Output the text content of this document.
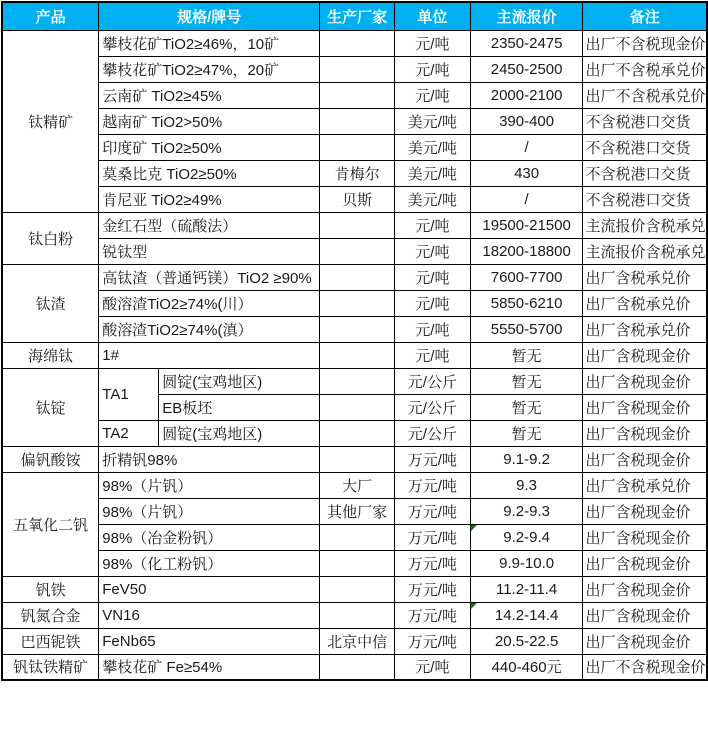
产品	规格/牌号		生产厂家	单位	主流报价	备注
钛精矿	攀枝花矿TiO2≥46%，10矿			元/吨	2350-2475	出厂不含税现金价
	攀枝花矿TiO2≥47%，20矿			元/吨	2450-2500	出厂不含税承兑价
	云南矿 TiO2≥45%			元/吨	2000-2100	出厂不含税承兑价
	越南矿 TiO2>50%			美元/吨	390-400	不含税港口交货
	印度矿 TiO2≥50%			美元/吨	/	不含税港口交货
	莫桑比克 TiO2≥50%		肯梅尔	美元/吨	430	不含税港口交货
	肯尼亚 TiO2≥49%		贝斯	美元/吨	/	不含税港口交货
钛白粉	金红石型（硫酸法）			元/吨	19500-21500	主流报价含税承兑
	锐钛型			元/吨	18200-18800	主流报价含税承兑
钛渣	高钛渣（普通钙镁）TiO2 ≥90%			元/吨	7600-7700	出厂含税承兑价
	酸溶渣TiO2≥74%(川）			元/吨	5850-6210	出厂含税承兑价
	酸溶渣TiO2≥74%(滇）			元/吨	5550-5700	出厂含税承兑价
海绵钛	1#			元/吨	暂无	出厂含税现金价
钛锭	TA1	圆锭(宝鸡地区)		元/公斤	暂无	出厂含税现金价
		EB板坯		元/公斤	暂无	出厂含税现金价
	TA2	圆锭(宝鸡地区)		元/公斤	暂无	出厂含税现金价
偏钒酸铵	折精钒98%			万元/吨	9.1-9.2	出厂含税现金价
五氧化二钒	98%（片钒）		大厂	万元/吨	9.3	出厂含税承兑价
	98%（片钒）		其他厂家	万元/吨	9.2-9.3	出厂含税现金价
	98%（冶金粉钒）			万元/吨	9.2-9.4	出厂含税现金价
	98%（化工粉钒）			万元/吨	9.9-10.0	出厂含税现金价
钒铁	FeV50			万元/吨	11.2-11.4	出厂含税现金价
钒氮合金	VN16			万元/吨	14.2-14.4	出厂含税现金价
巴西铌铁	FeNb65		北京中信	万元/吨	20.5-22.5	出厂含税现金价
钒钛铁精矿	攀枝花矿 Fe≥54%			元/吨	440-460元	出厂不含税现金价
